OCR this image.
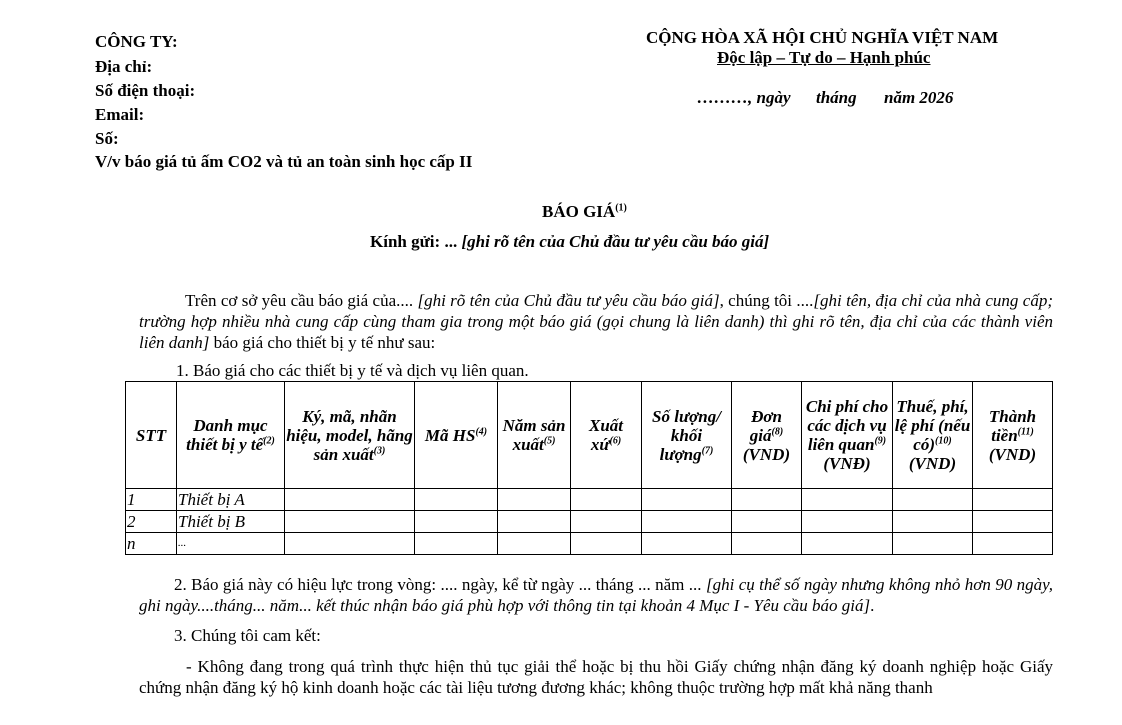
CÔNG TY:
Địa chỉ:
Số điện thoại:
Email:
Số:
V/v báo giá tủ ấm CO2 và tủ an toàn sinh học cấp II
CỘNG HÒA XÃ HỘI CHỦ NGHĨA VIỆT NAM
Độc lập – Tự do – Hạnh phúc
………, ngày tháng năm 2026
BÁO GIÁ$^{(1)}$
Kính gửi: ... [ghi rõ tên của Chủ đầu tư yêu cầu báo giá]
Trên cơ sở yêu cầu báo giá của.... [ghi rõ tên của Chủ đầu tư yêu cầu báo giá], chúng tôi ....[ghi tên, địa chỉ của nhà cung cấp; trường hợp nhiều nhà cung cấp cùng tham gia trong một báo giá (gọi chung là liên danh) thì ghi rõ tên, địa chỉ của các thành viên liên danh] báo giá cho thiết bị y tế như sau:
1. Báo giá cho các thiết bị y tế và dịch vụ liên quan.
STT	Danh mục thiết bị y tế$^{(2)}$	Ký, mã, nhãn hiệu, model, hãng sản xuất$^{(3)}$	Mã HS$^{(4)}$	Năm sản xuất$^{(5)}$	Xuất xứ$^{(6)}$	Số lượng/ khối lượng$^{(7)}$	Đơn giá$^{(8)}$ (VND)	Chi phí cho các dịch vụ liên quan$^{(9)}$ (VNĐ)	Thuế, phí, lệ phí (nếu có)$^{(10)}$ (VND)	Thành tiền$^{(11)}$ (VND)
1	Thiết bị A									
2	Thiết bị B									
n	...									
2. Báo giá này có hiệu lực trong vòng: .... ngày, kể từ ngày ... tháng ... năm ... [ghi cụ thể số ngày nhưng không nhỏ hơn 90 ngày, ghi ngày....tháng... năm... kết thúc nhận báo giá phù hợp với thông tin tại khoản 4 Mục I - Yêu cầu báo giá].
3. Chúng tôi cam kết:
- Không đang trong quá trình thực hiện thủ tục giải thể hoặc bị thu hồi Giấy chứng nhận đăng ký doanh nghiệp hoặc Giấy chứng nhận đăng ký hộ kinh doanh hoặc các tài liệu tương đương khác; không thuộc trường hợp mất khả năng thanh
